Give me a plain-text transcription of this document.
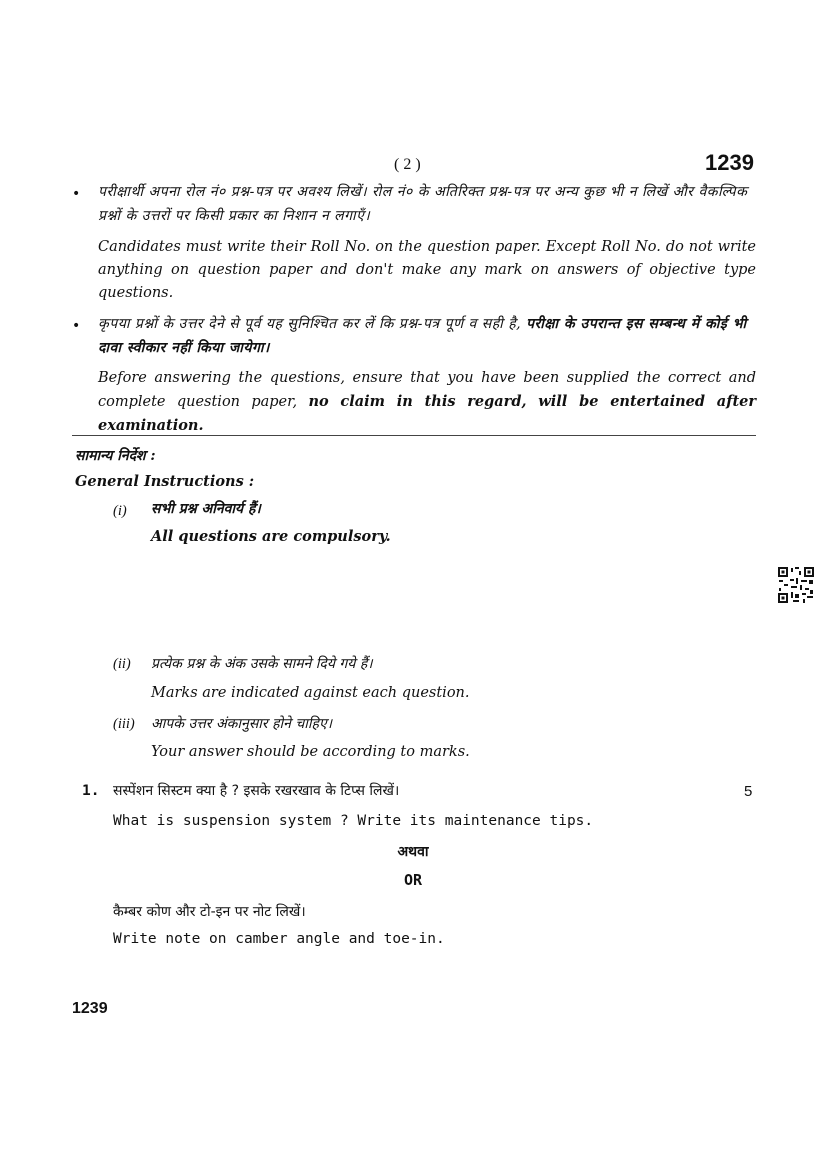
( 2 )	1239
• परीक्षार्थी अपना रोल नं० प्रश्न-पत्र पर अवश्य लिखें। रोल नं० के अतिरिक्त प्रश्न-पत्र पर अन्य कुछ भी न लिखें और वैकल्पिक प्रश्नों के उत्तरों पर किसी प्रकार का निशान न लगाएँ।
Candidates must write their Roll No. on the question paper. Except Roll No. do not write anything on question paper and don't make any mark on answers of objective type questions.
• कृपया प्रश्नों के उत्तर देने से पूर्व यह सुनिश्चित कर लें कि प्रश्न-पत्र पूर्ण व सही है, परीक्षा के उपरान्त इस सम्बन्ध में कोई भी दावा स्वीकार नहीं किया जायेगा।
Before answering the questions, ensure that you have been supplied the correct and complete question paper, no claim in this regard, will be entertained after examination.
सामान्य निर्देश :
General Instructions :
(i) सभी प्रश्न अनिवार्य हैं।
All questions are compulsory.
(ii) प्रत्येक प्रश्न के अंक उसके सामने दिये गये हैं।
Marks are indicated against each question.
(iii) आपके उत्तर अंकानुसार होने चाहिए।
Your answer should be according to marks.
1. सस्पेंशन सिस्टम क्या है ? इसके रखरखाव के टिप्स लिखें।	5
What is suspension system ? Write its maintenance tips.
अथवा
OR
कैम्बर कोण और टो-इन पर नोट लिखें।
Write note on camber angle and toe-in.
1239
